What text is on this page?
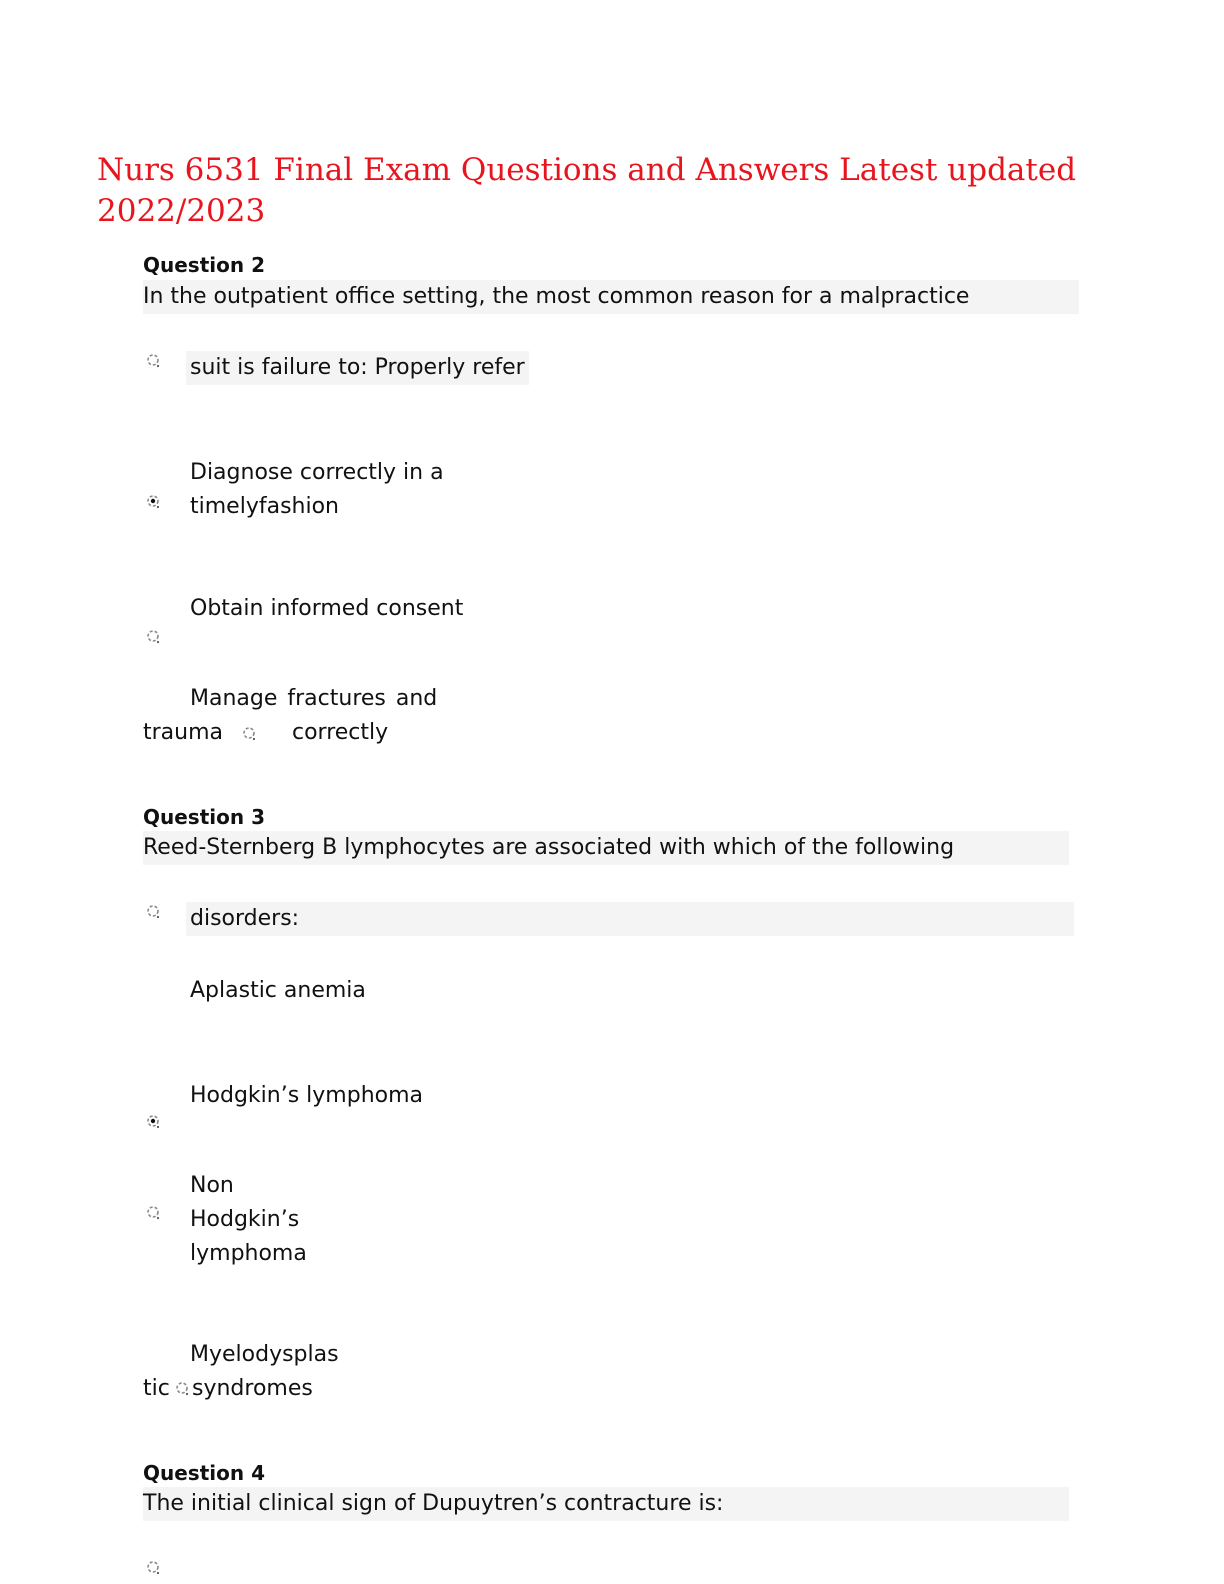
Nurs 6531 Final Exam Questions and Answers Latest updated
2022/2023
Question 2
In the outpatient office setting, the most common reason for a malpractice
suit is failure to: Properly refer
Diagnose correctly in a
timelyfashion
Obtain informed consent
Manage fractures and
trauma	correctly
Question 3
Reed-Sternberg B lymphocytes are associated with which of the following
disorders:
Aplastic anemia
Hodgkin’s lymphoma
Non
Hodgkin’s
lymphoma
Myelodysplas
tic syndromes
Question 4
The initial clinical sign of Dupuytren’s contracture is:
